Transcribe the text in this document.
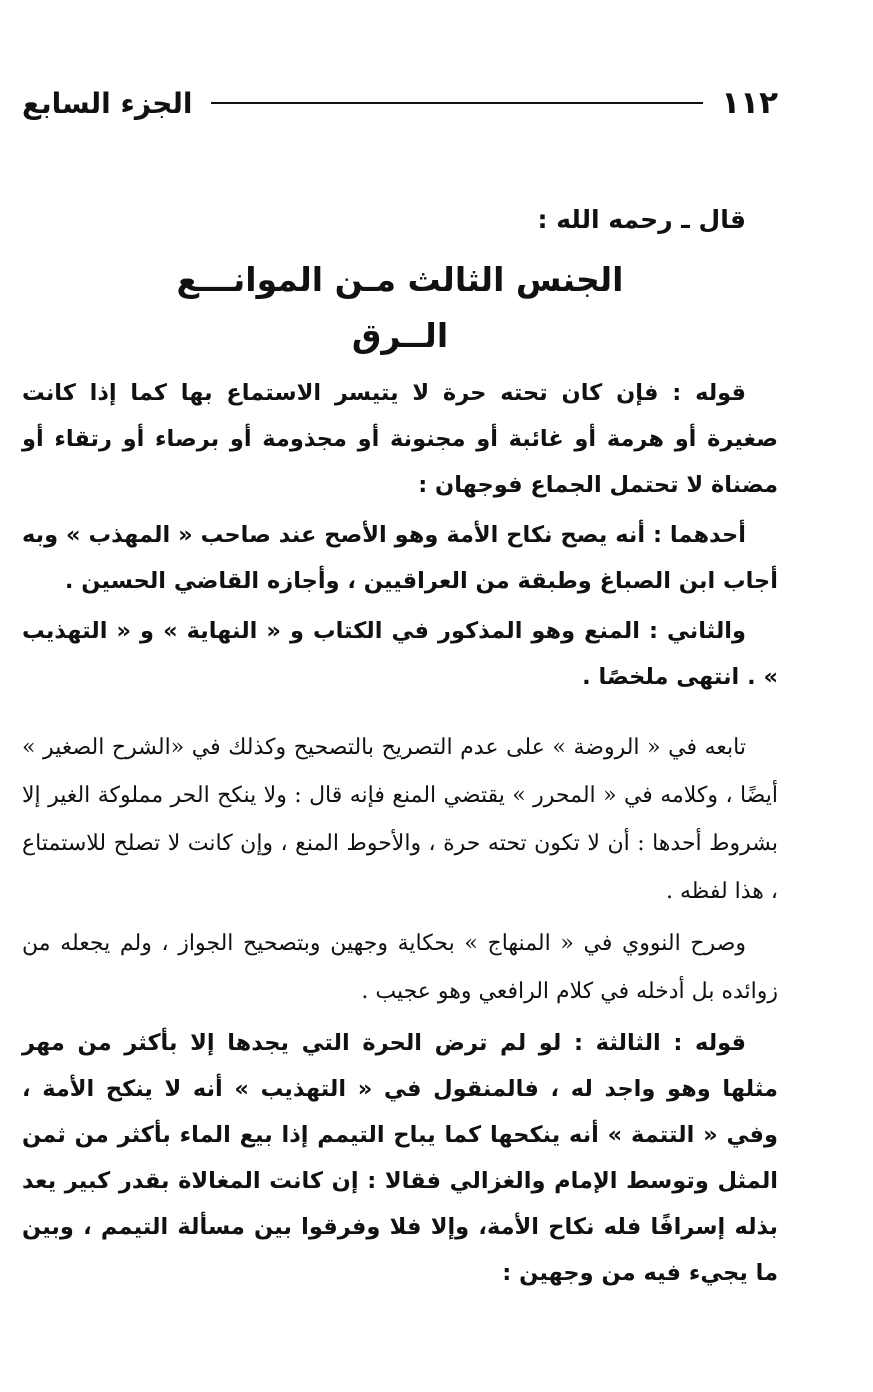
١١٢
الجزء السابع

قال ـ رحمه الله :

الجنس الثالث مـن الموانـــع
الــرق

قوله : فإن كان تحته حرة لا يتيسر الاستماع بها كما إذا كانت صغيرة أو هرمة أو غائبة أو مجنونة أو مجذومة أو برصاء أو رتقاء أو مضناة لا تحتمل الجماع فوجهان :

أحدهما : أنه يصح نكاح الأمة وهو الأصح عند صاحب « المهذب » وبه أجاب ابن الصباغ وطبقة من العراقيين ، وأجازه القاضي الحسين .

والثاني : المنع وهو المذكور في الكتاب و « النهاية » و « التهذيب » . انتهى ملخصًا .

تابعه في « الروضة » على عدم التصريح بالتصحيح وكذلك في «الشرح الصغير » أيضًا ، وكلامه في « المحرر » يقتضي المنع فإنه قال : ولا ينكح الحر مملوكة الغير إلا بشروط أحدها : أن لا تكون تحته حرة ، والأحوط المنع ، وإن كانت لا تصلح للاستمتاع ، هذا لفظه .

وصرح النووي في « المنهاج » بحكاية وجهين وبتصحيح الجواز ، ولم يجعله من زوائده بل أدخله في كلام الرافعي وهو عجيب .

قوله : الثالثة : لو لم ترض الحرة التي يجدها إلا بأكثر من مهر مثلها وهو واجد له ، فالمنقول في « التهذيب » أنه لا ينكح الأمة ، وفي « التتمة » أنه ينكحها كما يباح التيمم إذا بيع الماء بأكثر من ثمن المثل وتوسط الإمام والغزالي فقالا : إن كانت المغالاة بقدر كبير يعد بذله إسرافًا فله نكاح الأمة، وإلا فلا وفرقوا بين مسألة التيمم ، وبين ما يجيء فيه من وجهين :
